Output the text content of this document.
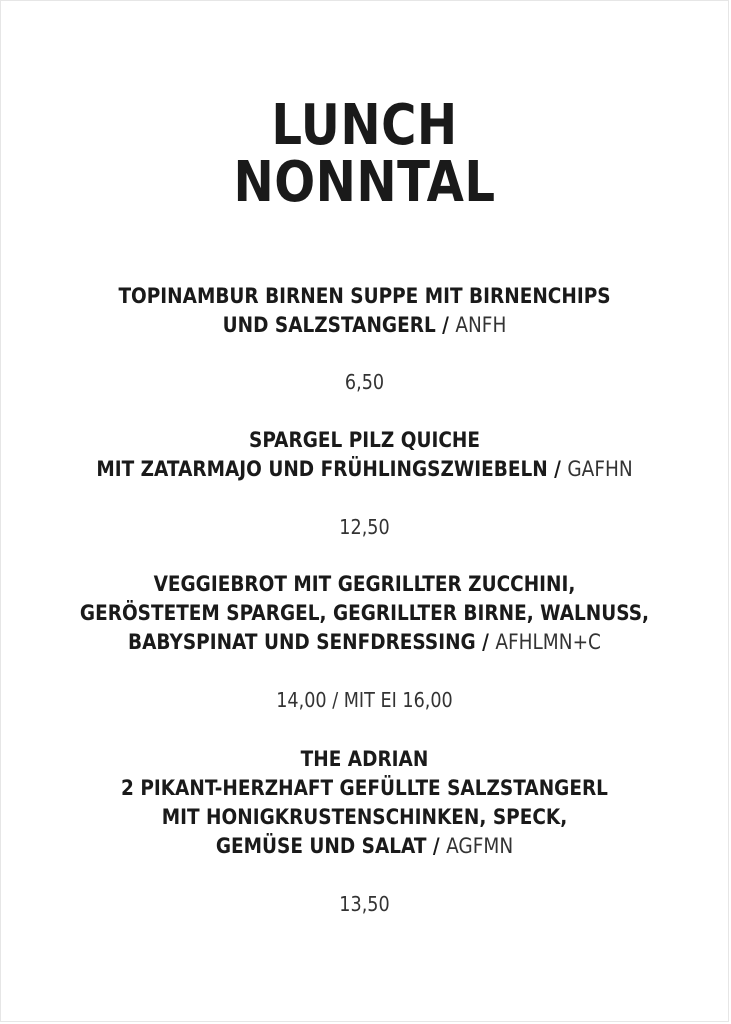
LUNCH
NONNTAL
TOPINAMBUR BIRNEN SUPPE MIT BIRNENCHIPS
UND SALZSTANGERL / ANFH
6,50
SPARGEL PILZ QUICHE
MIT ZATARMAJO UND FRÜHLINGSZWIEBELN / GAFHN
12,50
VEGGIEBROT MIT GEGRILLTER ZUCCHINI,
GERÖSTETEM SPARGEL, GEGRILLTER BIRNE, WALNUSS,
BABYSPINAT UND SENFDRESSING / AFHLMN+C
14,00 / MIT EI 16,00
THE ADRIAN
2 PIKANT-HERZHAFT GEFÜLLTE SALZSTANGERL
MIT HONIGKRUSTENSCHINKEN, SPECK,
GEMÜSE UND SALAT / AGFMN
13,50
